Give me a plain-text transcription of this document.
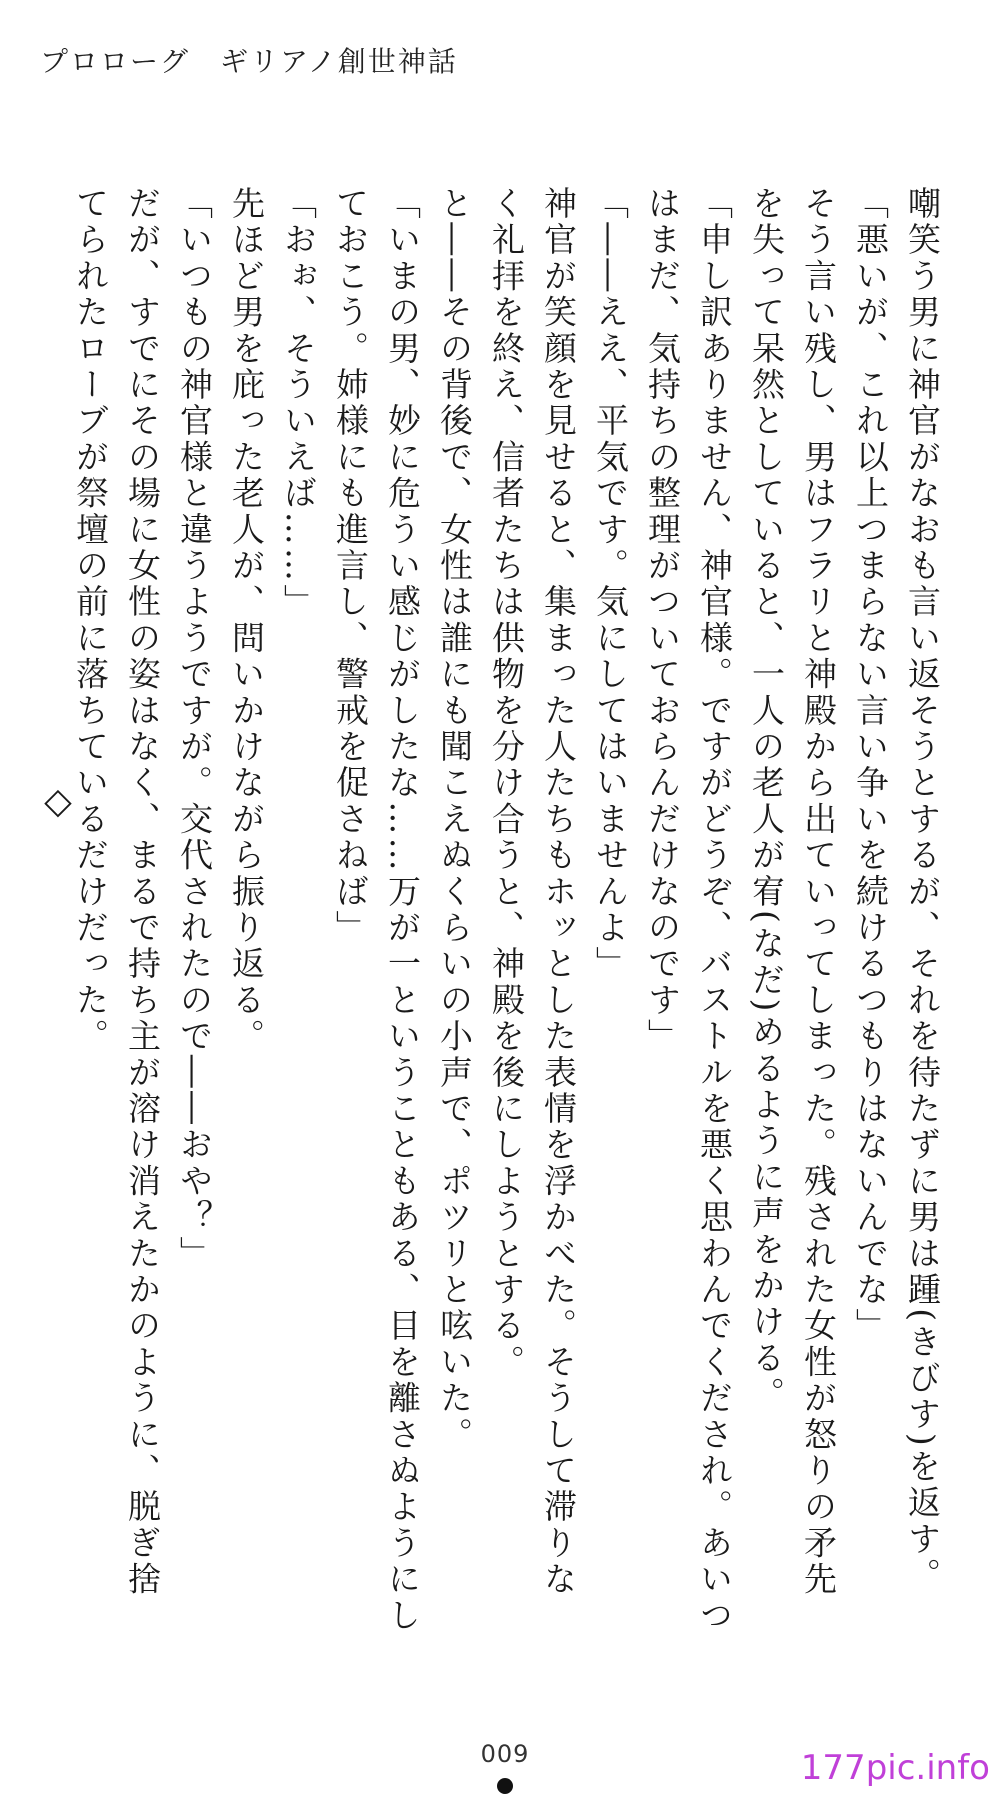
プロローグ　ギリアノ創世神話

嘲笑う男に神官がなおも言い返そうとするが、それを待たずに男は踵(きびす)を返す。

「悪いが、これ以上つまらない言い争いを続けるつもりはないんでな」

そう言い残し、男はフラリと神殿から出ていってしまった。残された女性が怒りの矛先

を失って呆然としていると、一人の老人が宥(なだ)めるように声をかける。

「申し訳ありません、神官様。ですがどうぞ、バストルを悪く思わんでくだされ。あいつ

はまだ、気持ちの整理がついておらんだけなのです」

「――ええ、平気です。気にしてはいませんよ」

神官が笑顔を見せると、集まった人たちもホッとした表情を浮かべた。そうして滞りな

く礼拝を終え、信者たちは供物を分け合うと、神殿を後にしようとする。

と――その背後で、女性は誰にも聞こえぬくらいの小声で、ポツリと呟いた。

「いまの男、妙に危うい感じがしたな……万が一ということもある、目を離さぬようにし

ておこう。姉様にも進言し、警戒を促さねば」

「おぉ、そういえば……」

先ほど男を庇った老人が、問いかけながら振り返る。

「いつもの神官様と違うようですが。交代されたので――おや？」

だが、すでにその場に女性の姿はなく、まるで持ち主が溶け消えたかのように、脱ぎ捨

てられたローブが祭壇の前に落ちているだけだった。

◇
009	177pic.info
